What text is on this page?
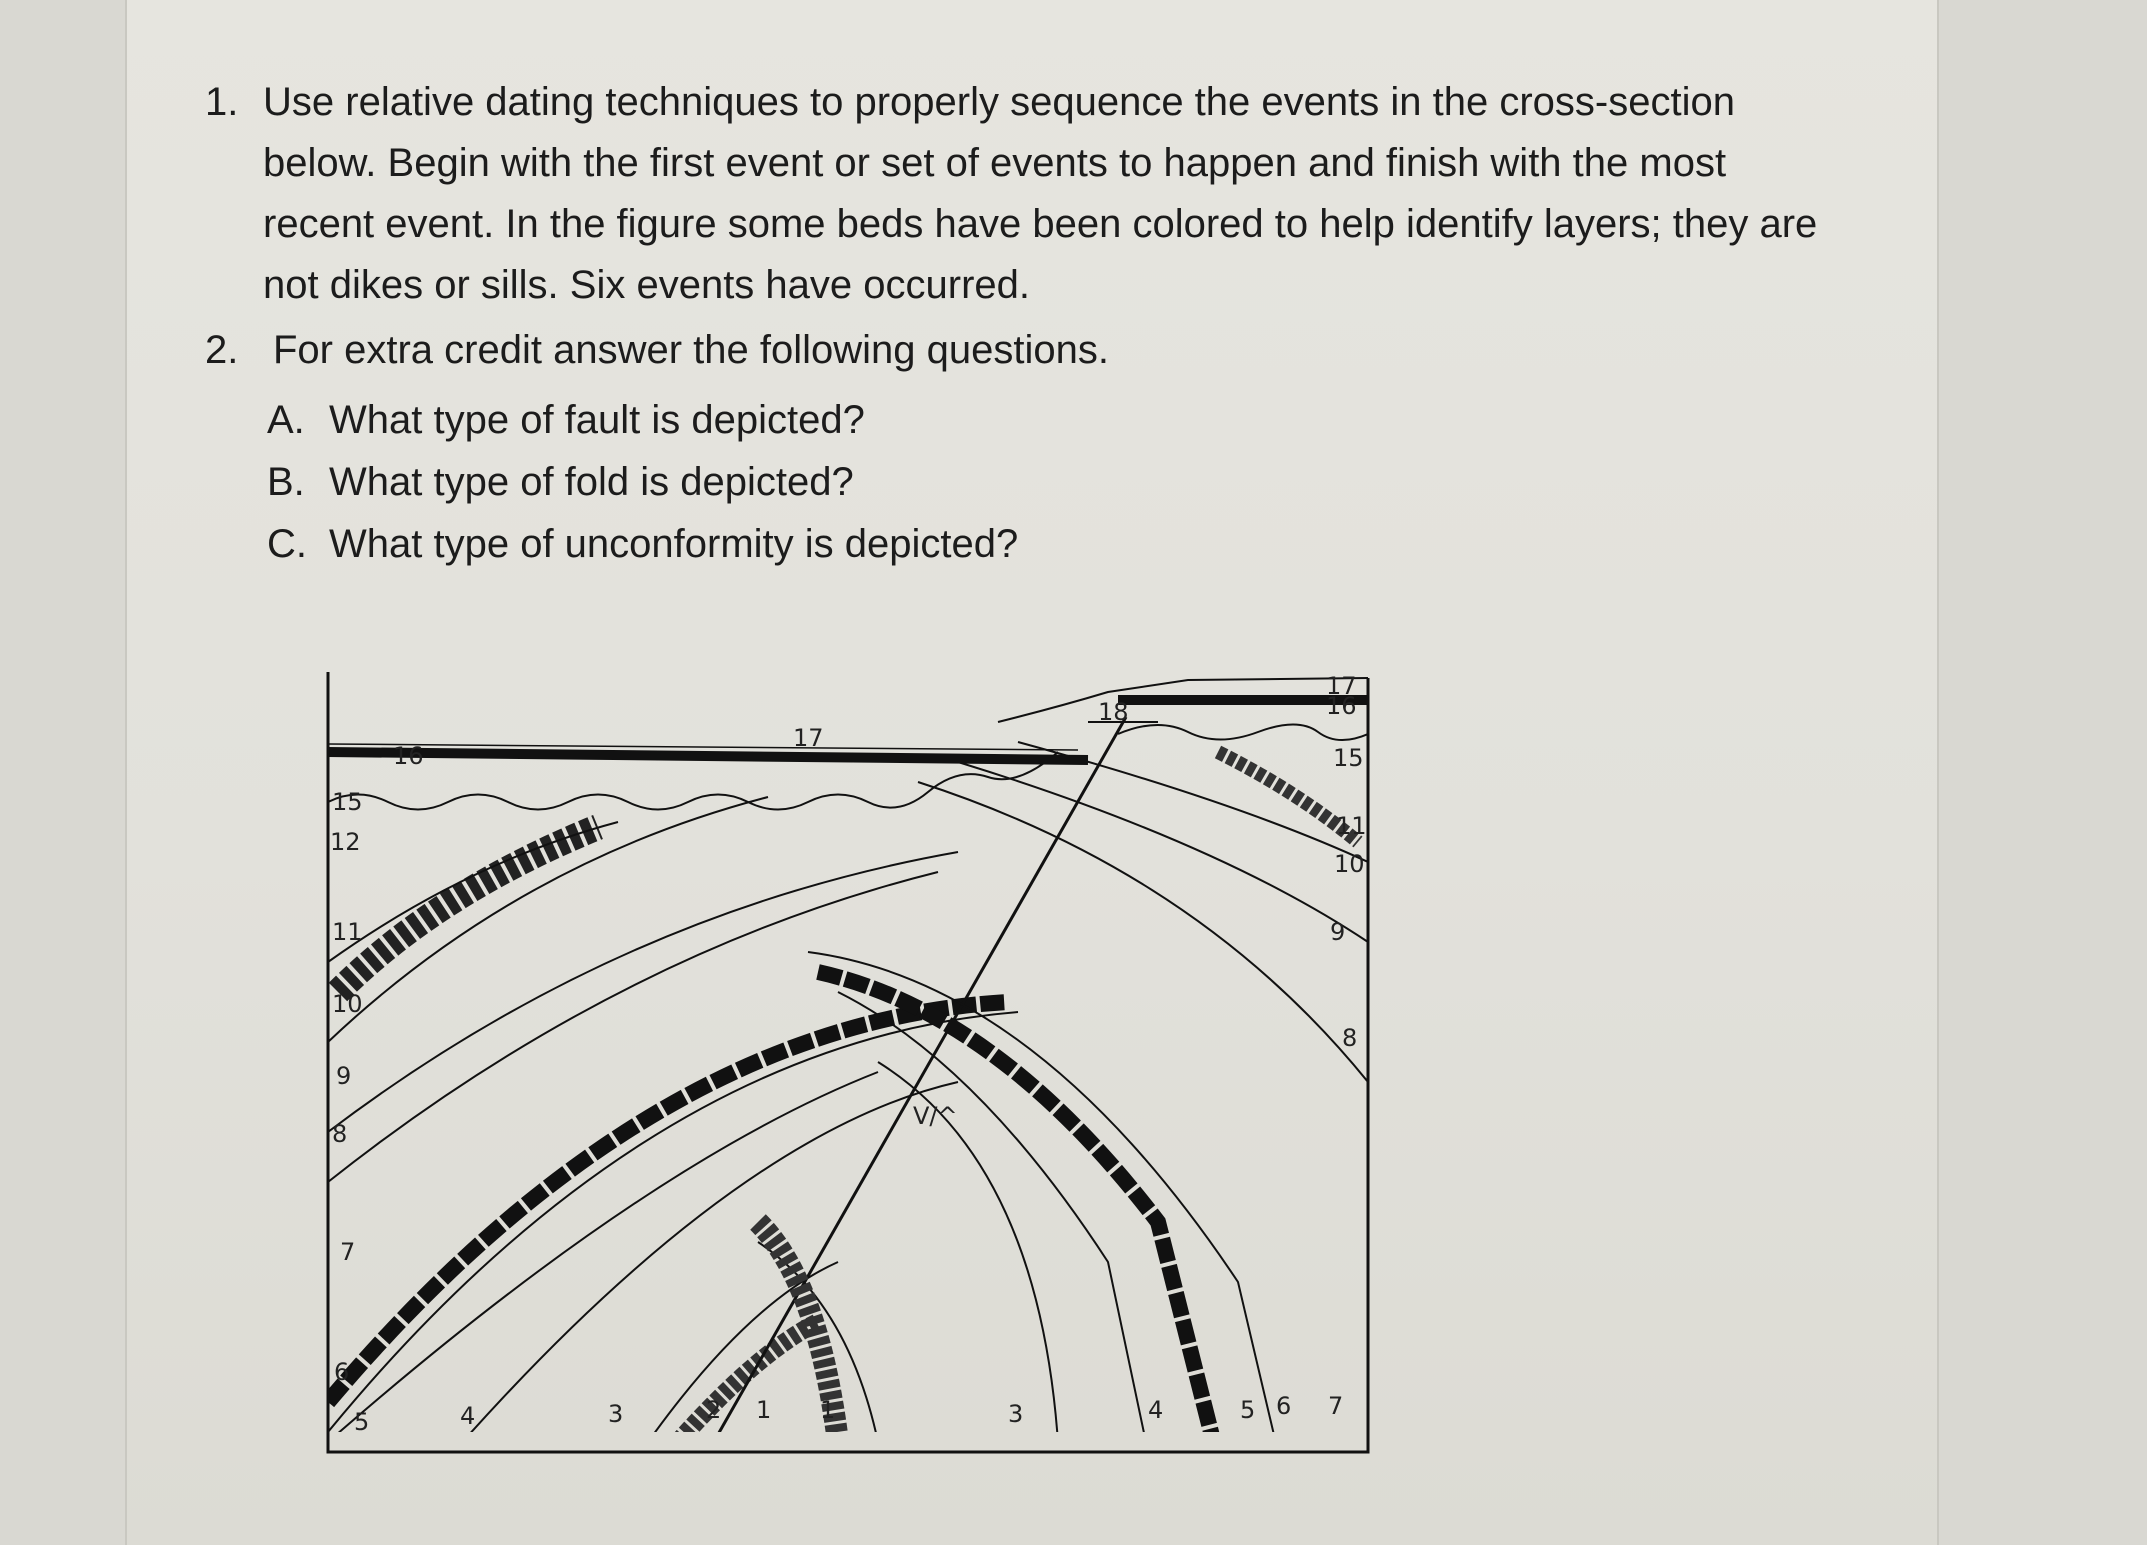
1. Use relative dating techniques to properly sequence the events in the cross-section
below. Begin with the first event or set of events to happen and finish with the most
recent event. In the figure some beds have been colored to help identify layers; they are
not dikes or sills. Six events have occurred.
2. For extra credit answer the following questions.
A. What type of fault is depicted?
B. What type of fold is depicted?
C. What type of unconformity is depicted?
15
12
11
10
9
8
7
6
5	4	3	2 1 1	3	4	5 6 7
17
16
15
11
10
9
8
17
18
16
V/^
